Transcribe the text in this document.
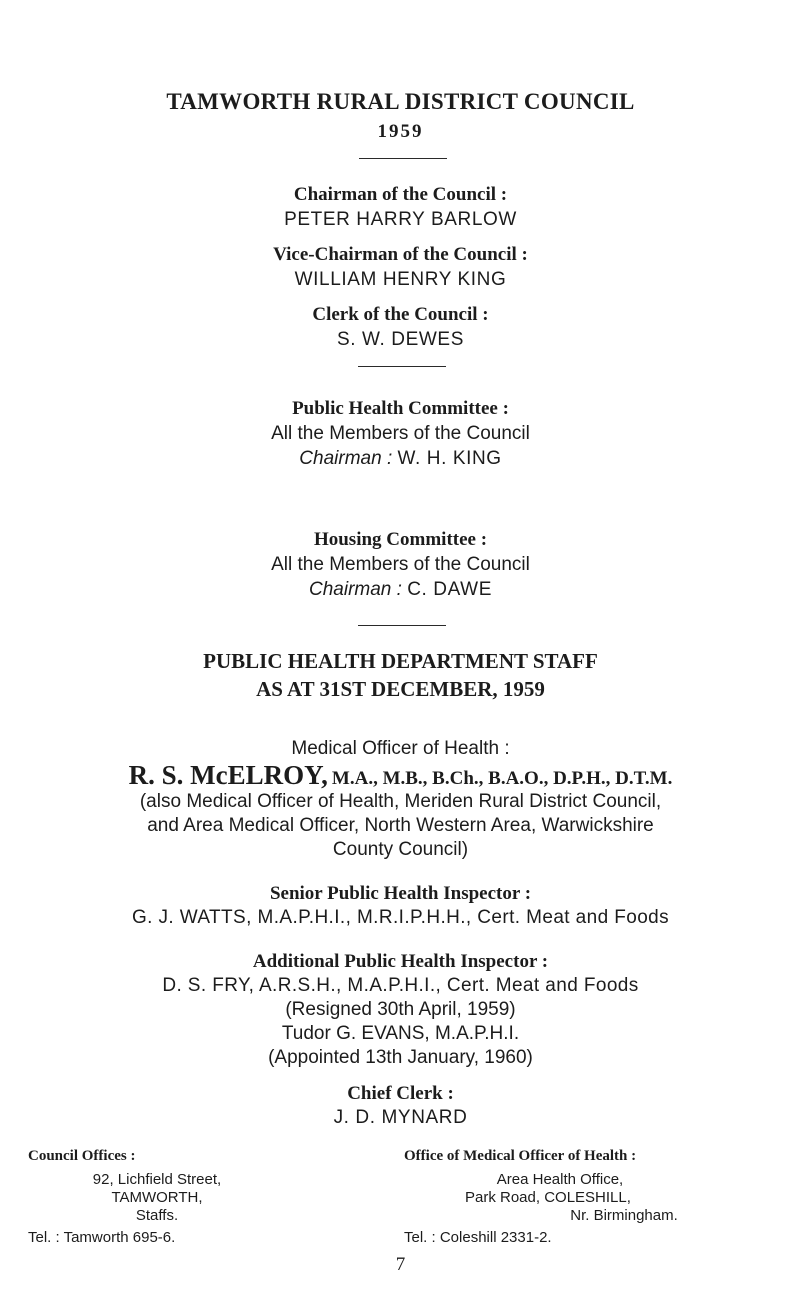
TAMWORTH RURAL DISTRICT COUNCIL
1959
Chairman of the Council :
PETER HARRY BARLOW
Vice-Chairman of the Council :
WILLIAM HENRY KING
Clerk of the Council :
S. W. DEWES
Public Health Committee :
All the Members of the Council
Chairman : W. H. KING
Housing Committee :
All the Members of the Council
Chairman : C. DAWE
PUBLIC HEALTH DEPARTMENT STAFF
AS AT 31ST DECEMBER, 1959
Medical Officer of Health :
R. S. McELROY, M.A., M.B., B.Ch., B.A.O., D.P.H., D.T.M.
(also Medical Officer of Health, Meriden Rural District Council,
and Area Medical Officer, North Western Area, Warwickshire
County Council)
Senior Public Health Inspector :
G. J. WATTS, M.A.P.H.I., M.R.I.P.H.H., Cert. Meat and Foods
Additional Public Health Inspector :
D. S. FRY, A.R.S.H., M.A.P.H.I., Cert. Meat and Foods
(Resigned 30th April, 1959)
Tudor G. EVANS, M.A.P.H.I.
(Appointed 13th January, 1960)
Chief Clerk :
J. D. MYNARD
Council Offices :
92, Lichfield Street,
TAMWORTH,
Staffs.
Tel. : Tamworth 695-6.
Office of Medical Officer of Health :
Area Health Office,
Park Road, COLESHILL,
Nr. Birmingham.
Tel. : Coleshill 2331-2.
7
